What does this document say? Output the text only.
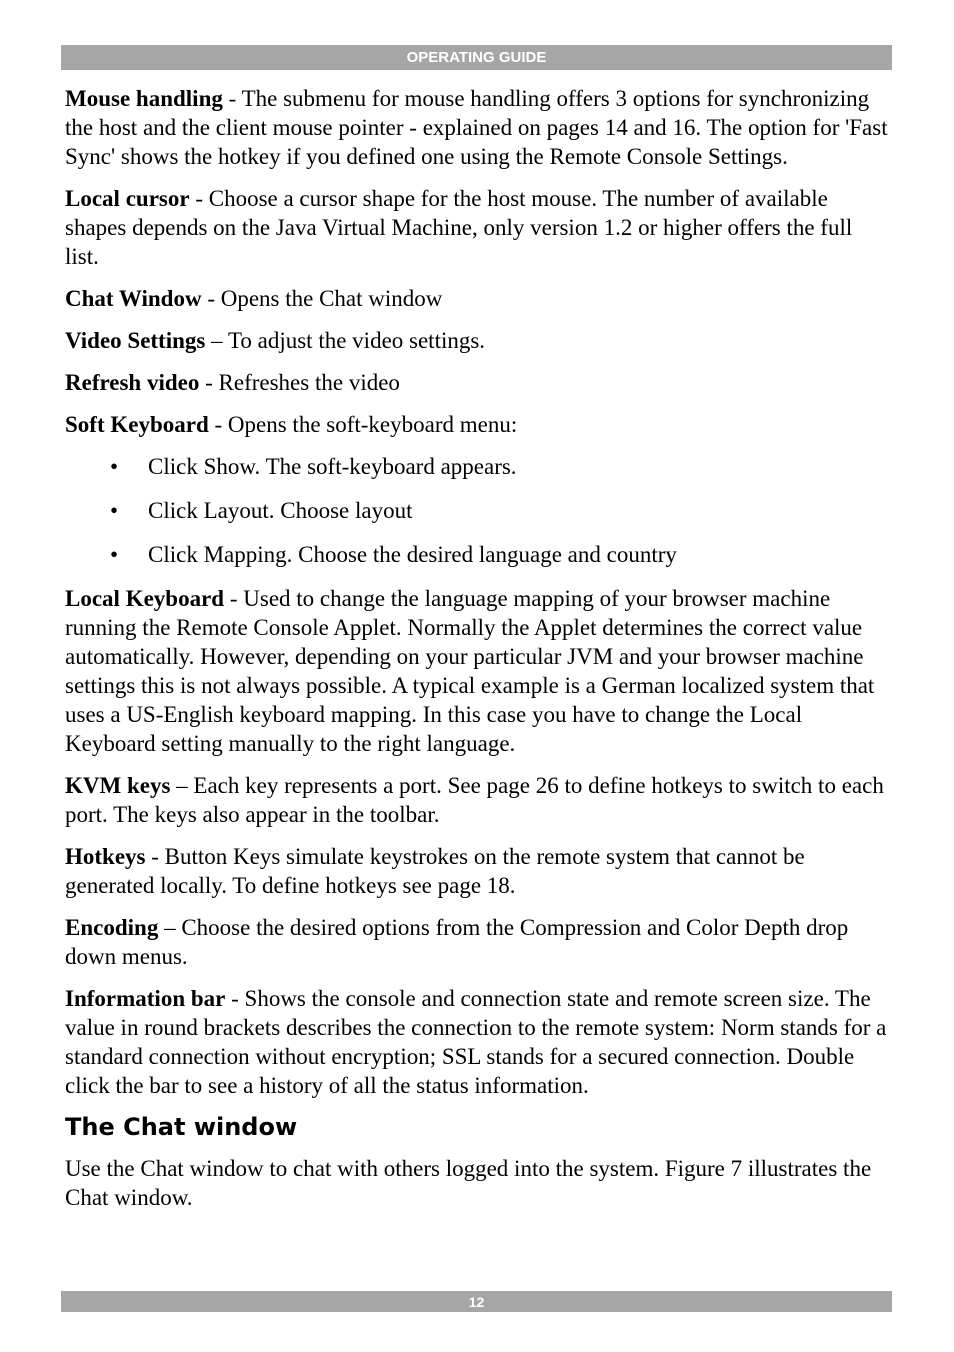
OPERATING GUIDE

Mouse handling - The submenu for mouse handling offers 3 options for synchronizing the host and the client mouse pointer - explained on pages 14 and 16. The option for 'Fast Sync' shows the hotkey if you defined one using the Remote Console Settings.

Local cursor - Choose a cursor shape for the host mouse. The number of available shapes depends on the Java Virtual Machine, only version 1.2 or higher offers the full list.

Chat Window - Opens the Chat window

Video Settings – To adjust the video settings.

Refresh video - Refreshes the video

Soft Keyboard - Opens the soft-keyboard menu:

• Click Show. The soft-keyboard appears.
• Click Layout. Choose layout
• Click Mapping. Choose the desired language and country

Local Keyboard - Used to change the language mapping of your browser machine running the Remote Console Applet. Normally the Applet determines the correct value automatically. However, depending on your particular JVM and your browser machine settings this is not always possible. A typical example is a German localized system that uses a US-English keyboard mapping. In this case you have to change the Local Keyboard setting manually to the right language.

KVM keys – Each key represents a port. See page 26 to define hotkeys to switch to each port. The keys also appear in the toolbar.

Hotkeys - Button Keys simulate keystrokes on the remote system that cannot be generated locally. To define hotkeys see page 18.

Encoding – Choose the desired options from the Compression and Color Depth drop down menus.

Information bar - Shows the console and connection state and remote screen size. The value in round brackets describes the connection to the remote system: Norm stands for a standard connection without encryption; SSL stands for a secured connection. Double click the bar to see a history of all the status information.

The Chat window

Use the Chat window to chat with others logged into the system. Figure 7 illustrates the Chat window.

12
